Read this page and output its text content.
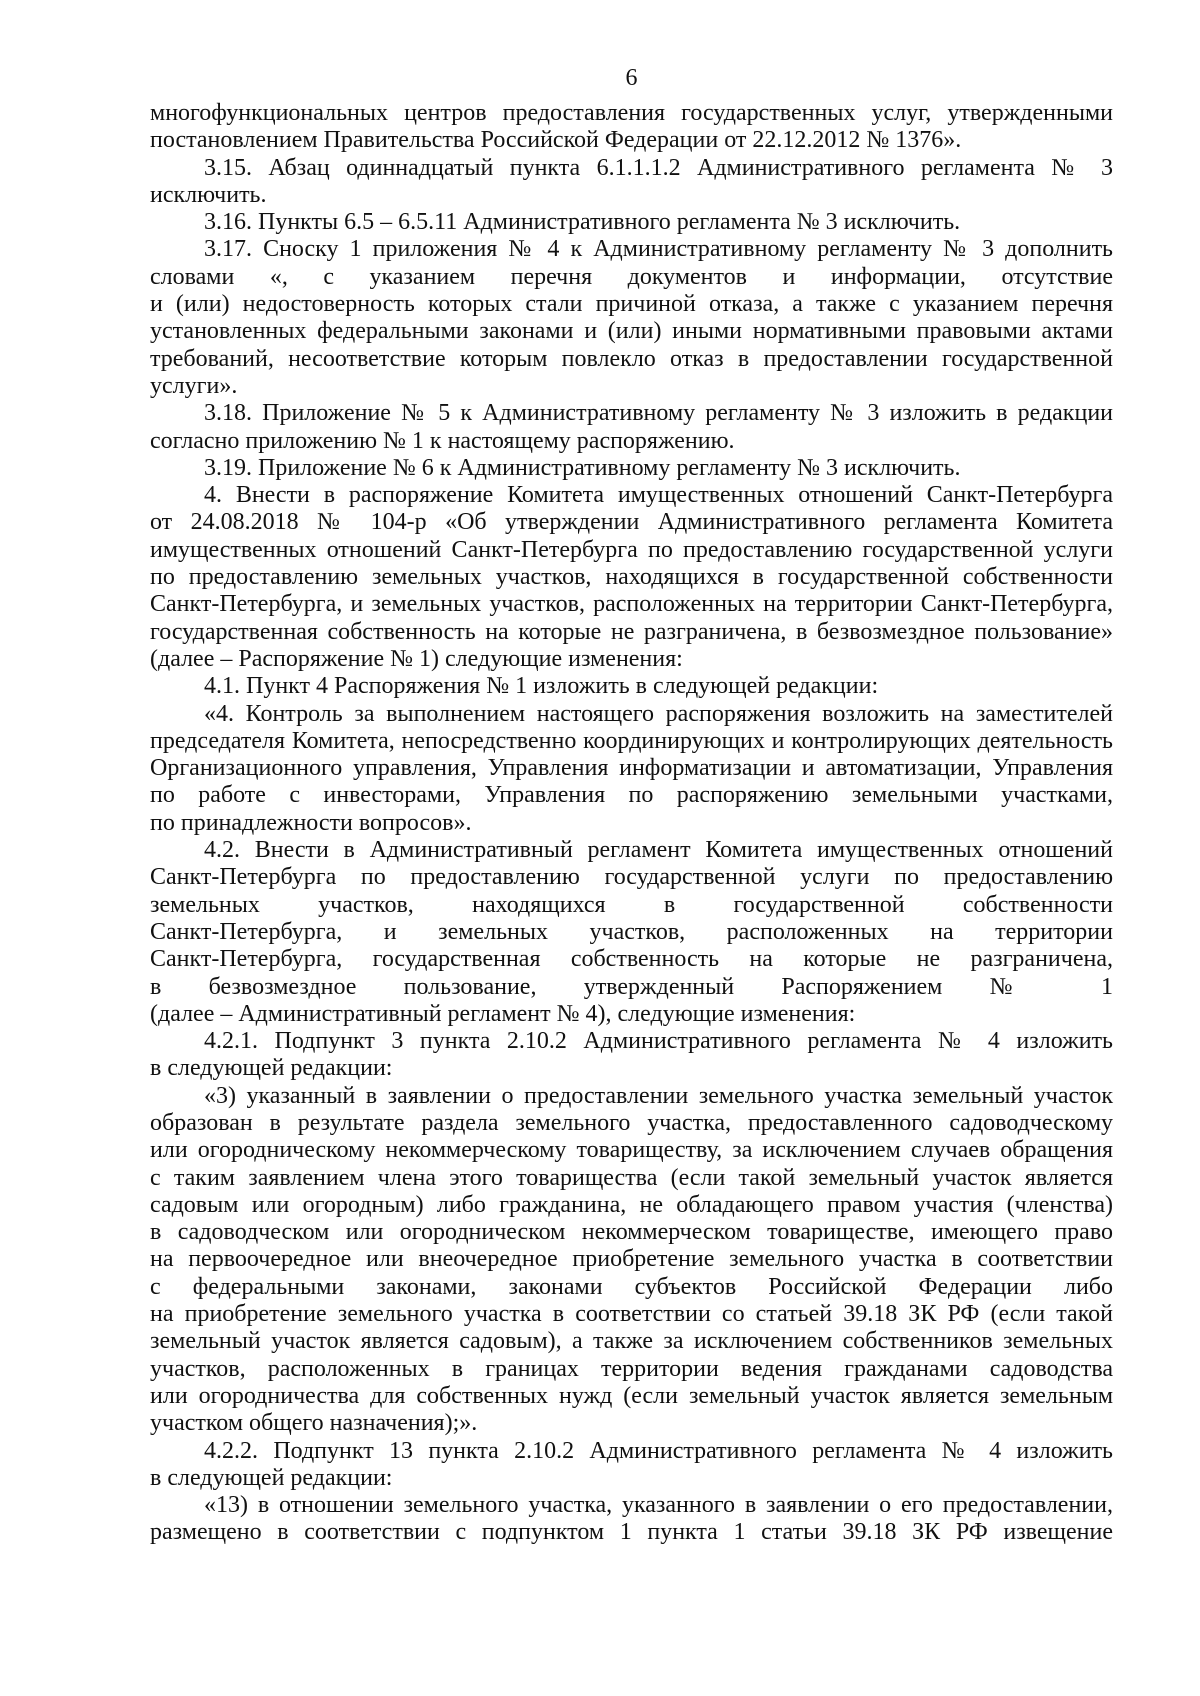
6
многофункциональных центров предоставления государственных услуг, утвержденными
постановлением Правительства Российской Федерации от 22.12.2012 № 1376».
3.15. Абзац одиннадцатый пункта 6.1.1.1.2 Административного регламента № 3
исключить.
3.16. Пункты 6.5 – 6.5.11 Административного регламента № 3 исключить.
3.17. Сноску 1 приложения № 4 к Административному регламенту № 3 дополнить
словами «, с указанием перечня документов и информации, отсутствие
и (или) недостоверность которых стали причиной отказа, а также с указанием перечня
установленных федеральными законами и (или) иными нормативными правовыми актами
требований, несоответствие которым повлекло отказ в предоставлении государственной
услуги».
3.18. Приложение № 5 к Административному регламенту № 3 изложить в редакции
согласно приложению № 1 к настоящему распоряжению.
3.19. Приложение № 6 к Административному регламенту № 3 исключить.
4. Внести в распоряжение Комитета имущественных отношений Санкт-Петербурга
от 24.08.2018 № 104-р «Об утверждении Административного регламента Комитета
имущественных отношений Санкт-Петербурга по предоставлению государственной услуги
по предоставлению земельных участков, находящихся в государственной собственности
Санкт-Петербурга, и земельных участков, расположенных на территории Санкт-Петербурга,
государственная собственность на которые не разграничена, в безвозмездное пользование»
(далее – Распоряжение № 1) следующие изменения:
4.1. Пункт 4 Распоряжения № 1 изложить в следующей редакции:
«4. Контроль за выполнением настоящего распоряжения возложить на заместителей
председателя Комитета, непосредственно координирующих и контролирующих деятельность
Организационного управления, Управления информатизации и автоматизации, Управления
по работе с инвесторами, Управления по распоряжению земельными участками,
по принадлежности вопросов».
4.2. Внести в Административный регламент Комитета имущественных отношений
Санкт-Петербурга по предоставлению государственной услуги по предоставлению
земельных участков, находящихся в государственной собственности
Санкт-Петербурга, и земельных участков, расположенных на территории
Санкт-Петербурга, государственная собственность на которые не разграничена,
в безвозмездное пользование, утвержденный Распоряжением № 1
(далее – Административный регламент № 4), следующие изменения:
4.2.1. Подпункт 3 пункта 2.10.2 Административного регламента № 4 изложить
в следующей редакции:
«3) указанный в заявлении о предоставлении земельного участка земельный участок
образован в результате раздела земельного участка, предоставленного садоводческому
или огородническому некоммерческому товариществу, за исключением случаев обращения
с таким заявлением члена этого товарищества (если такой земельный участок является
садовым или огородным) либо гражданина, не обладающего правом участия (членства)
в садоводческом или огородническом некоммерческом товариществе, имеющего право
на первоочередное или внеочередное приобретение земельного участка в соответствии
с федеральными законами, законами субъектов Российской Федерации либо
на приобретение земельного участка в соответствии со статьей 39.18 ЗК РФ (если такой
земельный участок является садовым), а также за исключением собственников земельных
участков, расположенных в границах территории ведения гражданами садоводства
или огородничества для собственных нужд (если земельный участок является земельным
участком общего назначения);».
4.2.2. Подпункт 13 пункта 2.10.2 Административного регламента № 4 изложить
в следующей редакции:
«13) в отношении земельного участка, указанного в заявлении о его предоставлении,
размещено в соответствии с подпунктом 1 пункта 1 статьи 39.18 ЗК РФ извещение
